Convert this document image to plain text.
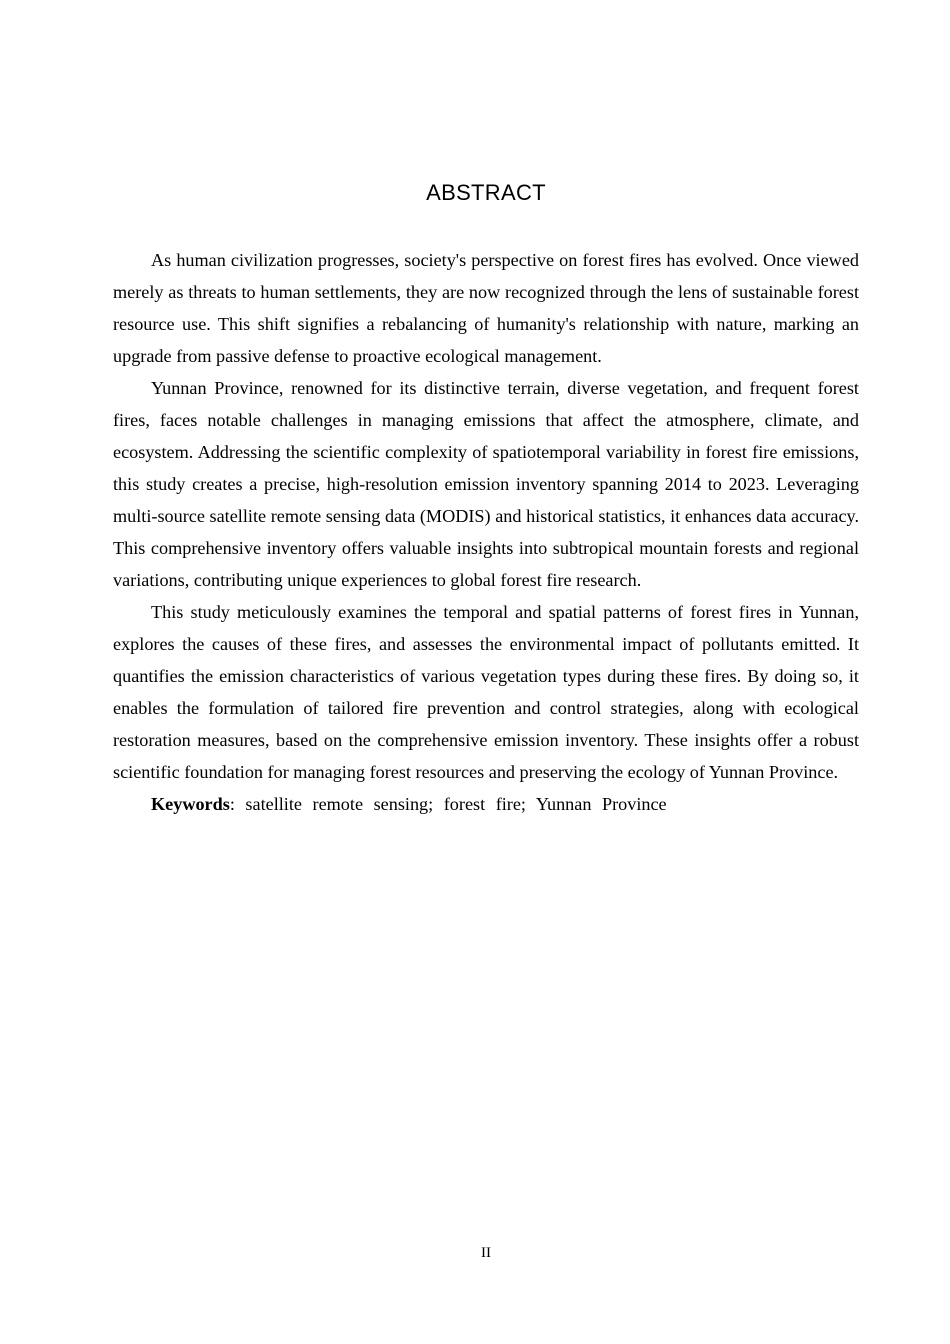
ABSTRACT

As human civilization progresses, society's perspective on forest fires has evolved. Once viewed merely as threats to human settlements, they are now recognized through the lens of sustainable forest resource use. This shift signifies a rebalancing of humanity's relationship with nature, marking an upgrade from passive defense to proactive ecological management.

Yunnan Province, renowned for its distinctive terrain, diverse vegetation, and frequent forest fires, faces notable challenges in managing emissions that affect the atmosphere, climate, and ecosystem. Addressing the scientific complexity of spatiotemporal variability in forest fire emissions, this study creates a precise, high-resolution emission inventory spanning 2014 to 2023. Leveraging multi-source satellite remote sensing data (MODIS) and historical statistics, it enhances data accuracy. This comprehensive inventory offers valuable insights into subtropical mountain forests and regional variations, contributing unique experiences to global forest fire research.

This study meticulously examines the temporal and spatial patterns of forest fires in Yunnan, explores the causes of these fires, and assesses the environmental impact of pollutants emitted. It quantifies the emission characteristics of various vegetation types during these fires. By doing so, it enables the formulation of tailored fire prevention and control strategies, along with ecological restoration measures, based on the comprehensive emission inventory. These insights offer a robust scientific foundation for managing forest resources and preserving the ecology of Yunnan Province.

Keywords: satellite remote sensing; forest fire; Yunnan Province

II
